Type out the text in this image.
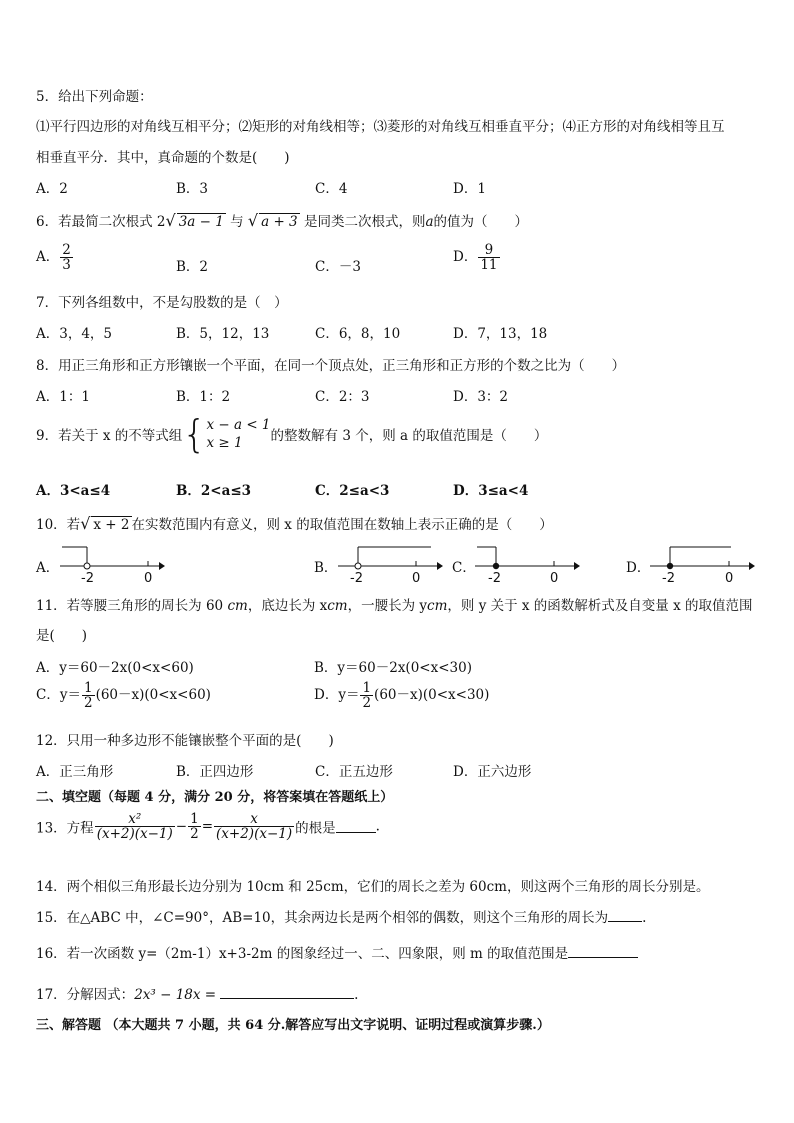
5．给出下列命题：
⑴平行四边形的对角线互相平分；⑵矩形的对角线相等；⑶菱形的对角线互相垂直平分；⑷正方形的对角线相等且互
相垂直平分．其中，真命题的个数是(　　)
A．2	B．3	C．4	D．1
6．若最简二次根式 2√ 3a − 1 与 √ a + 3 是同类二次根式，则a的值为（　　）
A． $\frac{2}{3}$	B．2	C．－3
D． $\frac{9}{11}$
7．下列各组数中，不是勾股数的是（　）
A．3，4，5	B．5，12，13	C．6，8，10	D．7，13，18
8．用正三角形和正方形镶嵌一个平面，在同一个顶点处，正三角形和正方形的个数之比为（　　）
A．1：1	B．1：2	C．2：3	D．3：2
9．若关于 x 的不等式组 { x − a < 1
x ≥ 1	的整数解有 3 个，则 a 的取值范围是（　　）
A．3<a≤4	B．2<a≤3	C．2≤a<3	D．3≤a<4
10．若√ x + 2 在实数范围内有意义，则 x 的取值范围在数轴上表示正确的是（　　）
A．
-2	0
B．
-2	0
C．
-2	0
D．
-2	0
11．若等腰三角形的周长为 60 cm，底边长为 xcm，一腰长为 ycm，则 y 关于 x 的函数解析式及自变量 x 的取值范围
是(　　)
A．y＝60－2x(0<x<60)	B．y＝60－2x(0<x<30)
C．$y= \frac{1}{2} (60-x)(0<x<60)$	D．$y= \frac{1}{2} (60-x)(0<x<30)$
12．只用一种多边形不能镶嵌整个平面的是(　　)
A．正三角形	B．正四边形	C．正五边形	D．正六边形
二、填空题（每题 4 分，满分 20 分，将答案填在答题纸上）
13．方程 $\frac{\text{x²}}{(x+2)(x-1)} - \frac{1}{2} = \frac{x}{(x+2)(x-1)}$ 的根是	.
14．两个相似三角形最长边分别为 10cm 和 25cm，它们的周长之差为 60cm，则这两个三角形的周长分别是。
15．在△ABC 中，∠C=90°，AB=10，其余两边长是两个相邻的偶数，则这个三角形的周长为	.
16．若一次函数 y=（2m-1）x+3-2m 的图象经过一、二、四象限，则 m 的取值范围是
17．分解因式：2x³ − 18x =	.
三、解答题 （本大题共 7 小题，共 64 分.解答应写出文字说明、证明过程或演算步骤.）
